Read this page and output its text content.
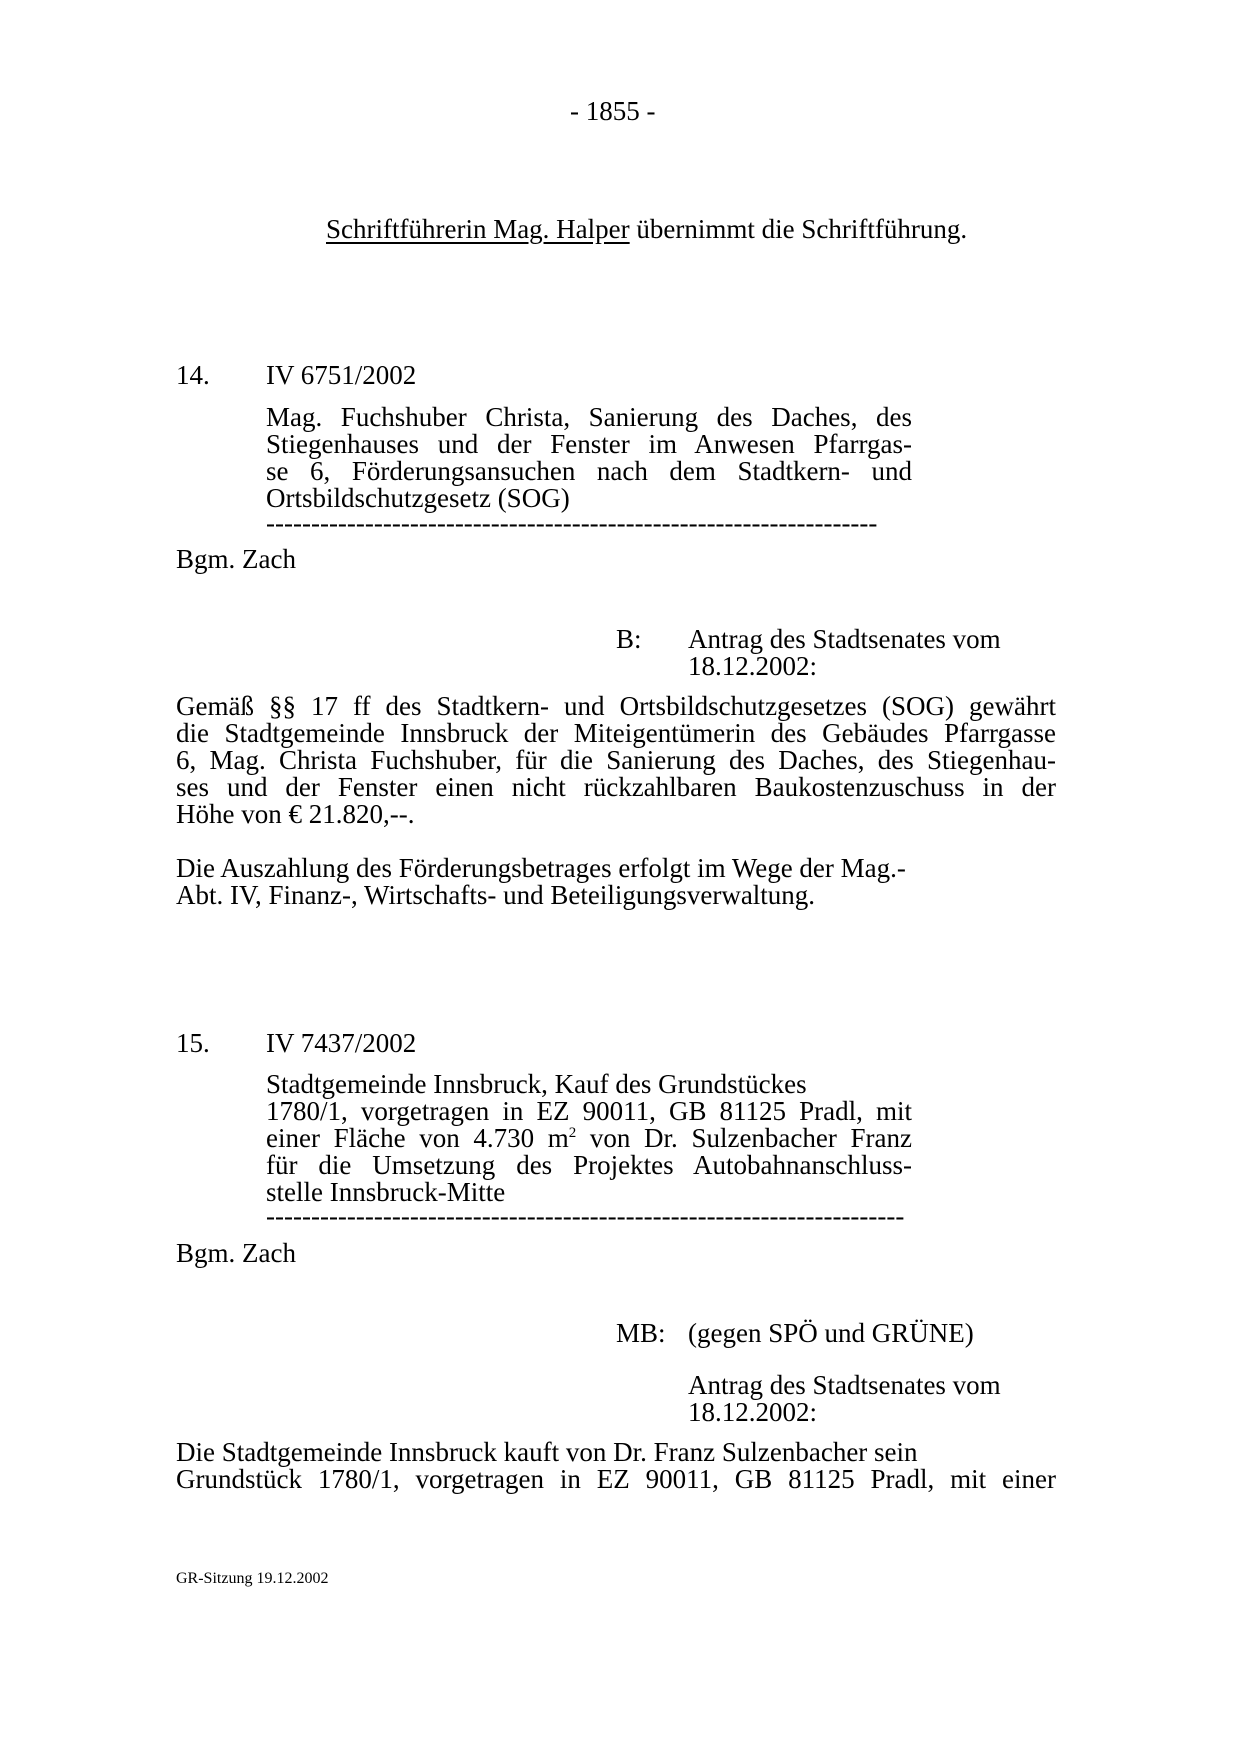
- 1855 -
Schriftführerin Mag. Halper übernimmt die Schriftführung.
14. IV 6751/2002
Mag. Fuchshuber Christa, Sanierung des Daches, des
Stiegenhauses und der Fenster im Anwesen Pfarrgas-
se 6, Förderungsansuchen nach dem Stadtkern- und
Ortsbildschutzgesetz (SOG)
--------------------------------------------------------------------
Bgm. Zach
B: Antrag des Stadtsenates vom
18.12.2002:
Gemäß §§ 17 ff des Stadtkern- und Ortsbildschutzgesetzes (SOG) gewährt
die Stadtgemeinde Innsbruck der Miteigentümerin des Gebäudes Pfarrgasse
6, Mag. Christa Fuchshuber, für die Sanierung des Daches, des Stiegenhau-
ses und der Fenster einen nicht rückzahlbaren Baukostenzuschuss in der
Höhe von € 21.820,--.
Die Auszahlung des Förderungsbetrages erfolgt im Wege der Mag.-
Abt. IV, Finanz-, Wirtschafts- und Beteiligungsverwaltung.
15. IV 7437/2002
Stadtgemeinde Innsbruck, Kauf des Grundstückes
1780/1, vorgetragen in EZ 90011, GB 81125 Pradl, mit
einer Fläche von 4.730 $m^2$ von Dr. Sulzenbacher Franz
für die Umsetzung des Projektes Autobahnanschluss-
stelle Innsbruck-Mitte
-----------------------------------------------------------------------
Bgm. Zach
MB: (gegen SPÖ und GRÜNE)
Antrag des Stadtsenates vom
18.12.2002:
Die Stadtgemeinde Innsbruck kauft von Dr. Franz Sulzenbacher sein
Grundstück 1780/1, vorgetragen in EZ 90011, GB 81125 Pradl, mit einer
GR-Sitzung 19.12.2002
